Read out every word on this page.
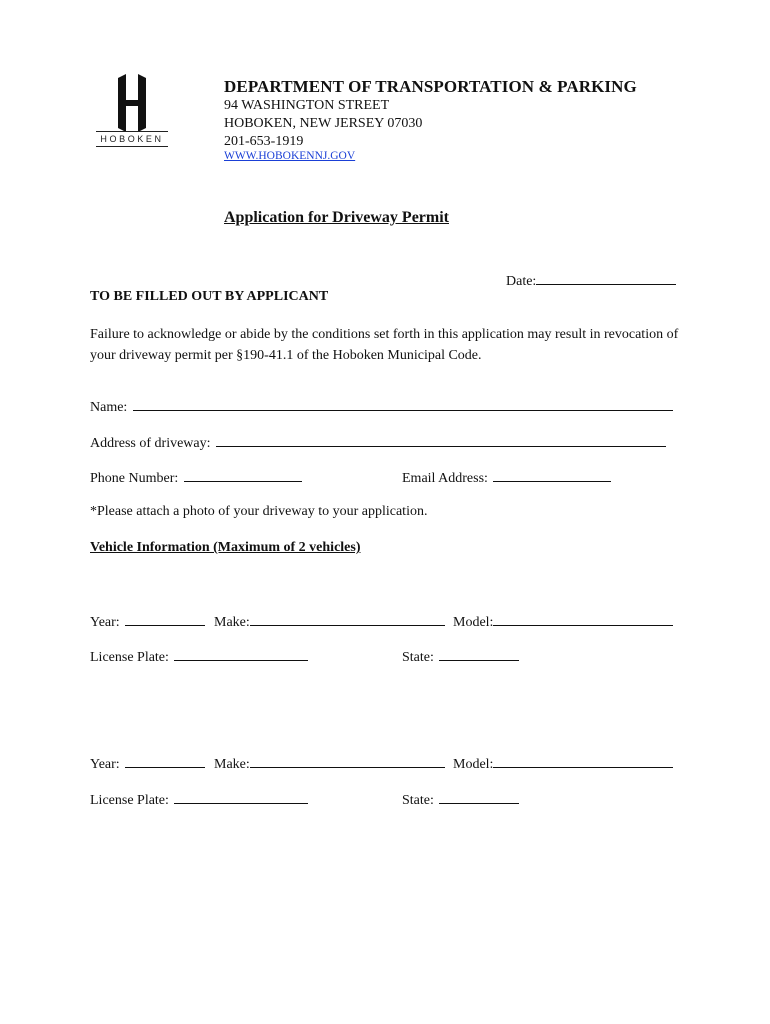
HOBOKEN
DEPARTMENT OF TRANSPORTATION & PARKING
94 WASHINGTON STREET
HOBOKEN, NEW JERSEY 07030
201-653-1919
WWW.HOBOKENNJ.GOV
Application for Driveway Permit
Date:
TO BE FILLED OUT BY APPLICANT
Failure to acknowledge or abide by the conditions set forth in this application may result in revocation of your driveway permit per §190-41.1 of the Hoboken Municipal Code.
Name:
Address of driveway:
Phone Number:	Email Address:
*Please attach a photo of your driveway to your application.
Vehicle Information (Maximum of 2 vehicles)
Year:	Make:	Model:
License Plate:	State:
Year:	Make:	Model:
License Plate:	State:
